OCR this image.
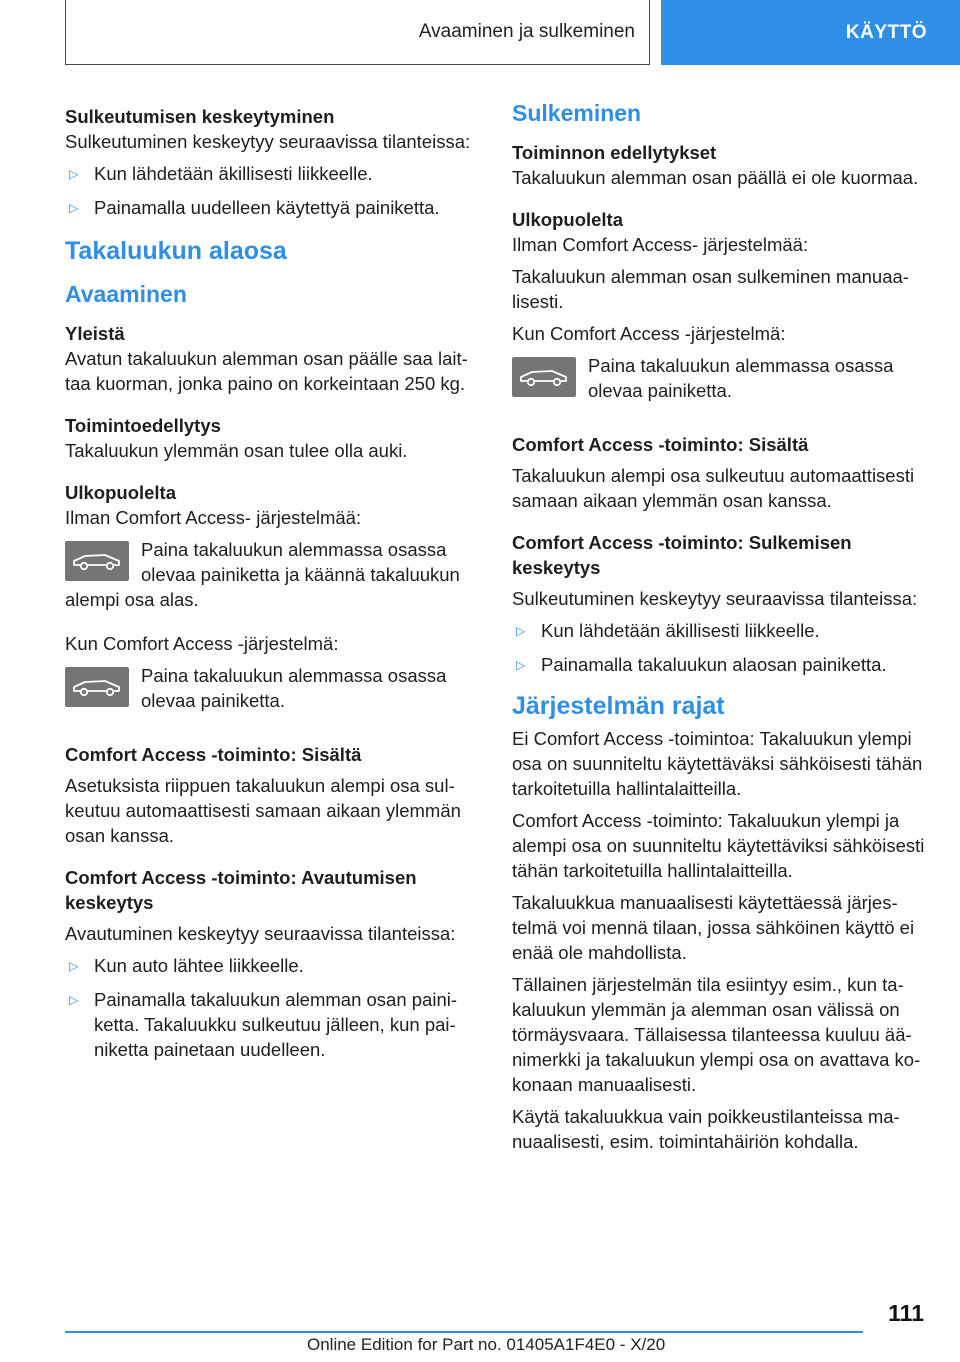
Avaaminen ja sulkeminen	KÄYTTÖ
Sulkeutumisen keskeytyminen
Sulkeutuminen keskeytyy seuraavissa tilanteissa:
▷ Kun lähdetään äkillisesti liikkeelle.
▷ Painamalla uudelleen käytettyä painiketta.
Takaluukun alaosa
Avaaminen
Yleistä
Avatun takaluukun alemman osan päälle saa laittaa kuorman, jonka paino on korkeintaan 250 kg.
Toimintoedellytys
Takaluukun ylemmän osan tulee olla auki.
Ulkopuolelta
Ilman Comfort Access- järjestelmää:
Paina takaluukun alemmassa osassa olevaa painiketta ja käännä takaluukun alempi osa alas.
Kun Comfort Access -järjestelmä:
Paina takaluukun alemmassa osassa olevaa painiketta.
Comfort Access -toiminto: Sisältä
Asetuksista riippuen takaluukun alempi osa sulkeutuu automaattisesti samaan aikaan ylemmän osan kanssa.
Comfort Access -toiminto: Avautumisen keskeytys
Avautuminen keskeytyy seuraavissa tilanteissa:
▷ Kun auto lähtee liikkeelle.
▷ Painamalla takaluukun alemman osan painiketta. Takaluukku sulkeutuu jälleen, kun painiketta painetaan uudelleen.
Sulkeminen
Toiminnon edellytykset
Takaluukun alemman osan päällä ei ole kuormaa.
Ulkopuolelta
Ilman Comfort Access- järjestelmää:
Takaluukun alemman osan sulkeminen manuaalisesti.
Kun Comfort Access -järjestelmä:
Paina takaluukun alemmassa osassa olevaa painiketta.
Comfort Access -toiminto: Sisältä
Takaluukun alempi osa sulkeutuu automaattisesti samaan aikaan ylemmän osan kanssa.
Comfort Access -toiminto: Sulkemisen keskeytys
Sulkeutuminen keskeytyy seuraavissa tilanteissa:
▷ Kun lähdetään äkillisesti liikkeelle.
▷ Painamalla takaluukun alaosan painiketta.
Järjestelmän rajat
Ei Comfort Access -toimintoa: Takaluukun ylempi osa on suunniteltu käytettäväksi sähköisesti tähän tarkoitetuilla hallintalaitteilla.
Comfort Access -toiminto: Takaluukun ylempi ja alempi osa on suunniteltu käytettäviksi sähköisesti tähän tarkoitetuilla hallintalaitteilla.
Takaluukkua manuaalisesti käytettäessä järjestelmä voi mennä tilaan, jossa sähköinen käyttö ei enää ole mahdollista.
Tällainen järjestelmän tila esiintyy esim., kun takaluukun ylemmän ja alemman osan välissä on törmäysvaara. Tällaisessa tilanteessa kuuluu äänimerkki ja takaluukun ylempi osa on avattava kokonaan manuaalisesti.
Käytä takaluukkua vain poikkeustilanteissa manuaalisesti, esim. toimintahäiriön kohdalla.
111
Online Edition for Part no. 01405A1F4E0 - X/20
